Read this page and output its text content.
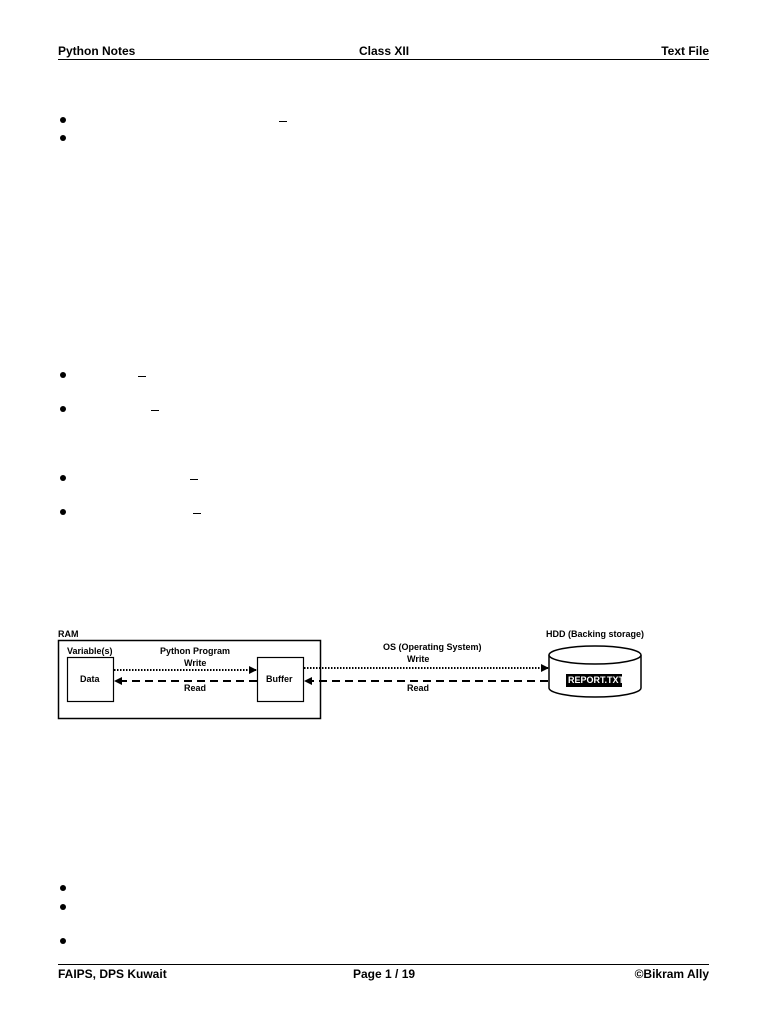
Python Notes	Class XII	Text File
RAM	HDD (Backing storage)
Variable(s)	Python Program	OS (Operating System)
Write	Write
Read	Read
Data	Buffer	REPORT.TXT
FAIPS, DPS Kuwait	Page 1 / 19	©Bikram Ally
